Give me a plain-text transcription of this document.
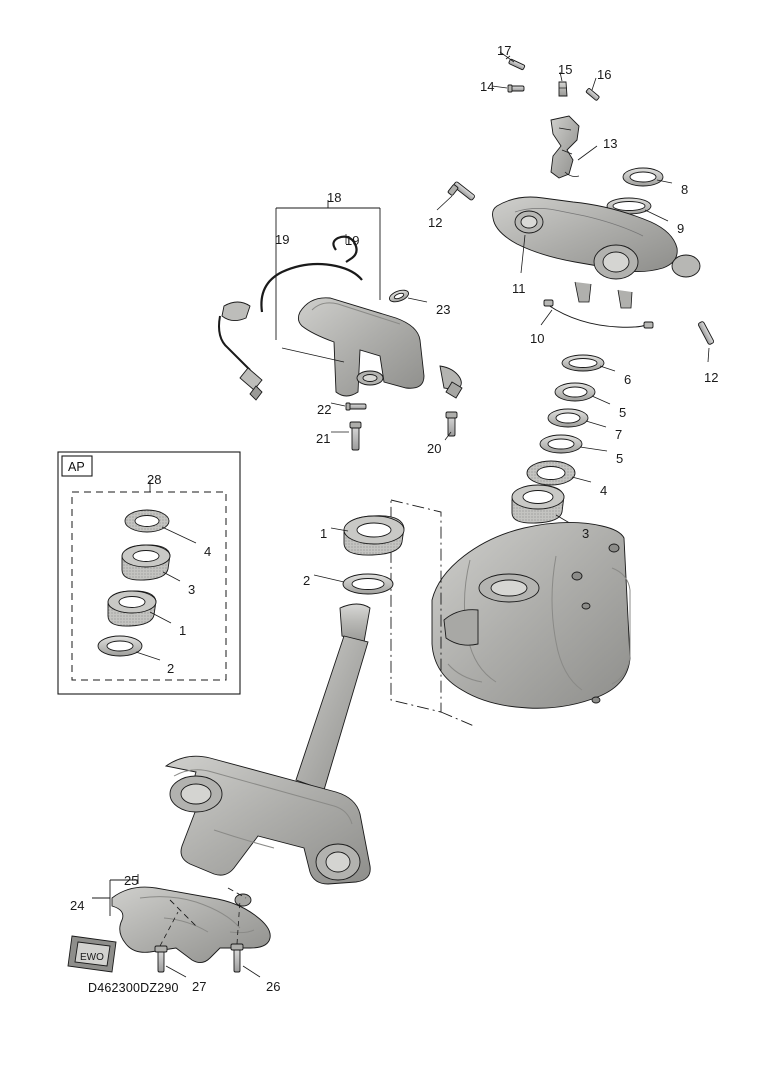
EWO
17
15 16
14
13
8
18
12	9
19	19
11
23
10
12
6
22	5
7
21
5
20
4
28
1	3
4
2
3
1
2
25
24
27	26
D462300DZ290
AP
